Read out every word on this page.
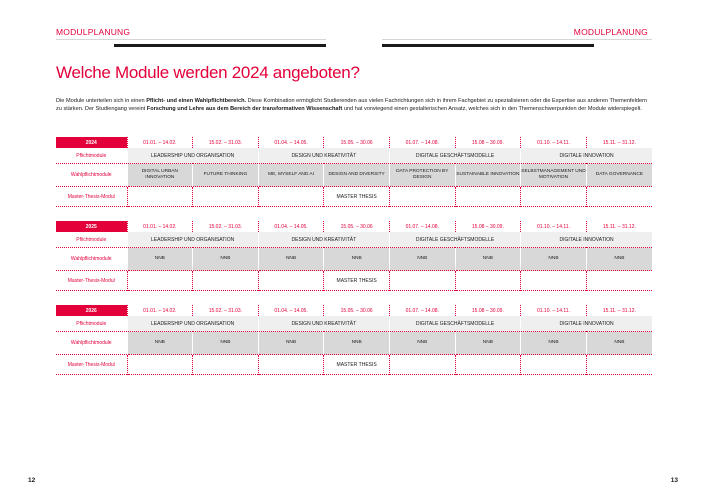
MODULPLANUNG	MODULPLANUNG
Welche Module werden 2024 angeboten?
Die Module unterteilen sich in einen Pflicht- und einen Wahlpflichtbereich. Diese Kombination ermöglicht Studierenden aus vielen Fachrichtungen sich in ihrem Fachgebiet zu spezialisieren oder die Expertise aus anderen Themenfeldern zu stärken. Der Studiengang vereint Forschung und Lehre aus dem Bereich der transformativen Wissenschaft und hat vorwiegend einen gestalterischen Ansatz, welches sich in den Themenschwerpunkten der Module widerspiegelt.
2024	01.01. – 14.02.	15.02. – 31.03.	01.04. – 14.05.	15.05. – 30.06	01.07. – 14.08.	15.08 – 30.09.	01.10. – 14.11.	15.11. – 31.12.
Pflichtmodule	LEADERSHIP UND ORGANISATION		DESIGN UND KREATIVITÄT		DIGITALE GESCHÄFTSMODELLE		DIGITALE INNOVATION	

Wahlpflichtmodule	DIGITAL URBAN INNOVATION	FUTURE THINKING	ME, MYSELF AND AI	DESIGN AND DIVERSITY	DATA PROTECTION BY DESIGN	SUSTAINABLE INNOVATION	SELBSTMANAGEMENT UND MOTIVATION	DATA GOVERNANCE

Master-Thesis-Modul				MASTER THESIS				

2025	01.01. – 14.02.	15.02. – 31.03.	01.04. – 14.05.	15.05. – 30.06	01.07. – 14.08.	15.08 – 30.09.	01.10. – 14.11.	15.11. – 31.12.
Pflichtmodule	LEADERSHIP UND ORGANISATION		DESIGN UND KREATIVITÄT		DIGITALE GESCHÄFTSMODELLE		DIGITALE INNOVATION	

Wahlpflichtmodule	NNB	NNB	NNB	NNB	NNB	NNB	NNB	NNB

Master-Thesis-Modul				MASTER THESIS				

2026	01.01. – 14.02.	15.02. – 31.03.	01.04. – 14.05.	15.05. – 30.06	01.07. – 14.08.	15.08 – 30.09.	01.10. – 14.11.	15.11. – 31.12.
Pflichtmodule	LEADERSHIP UND ORGANISATION		DESIGN UND KREATIVITÄT		DIGITALE GESCHÄFTSMODELLE		DIGITALE INNOVATION	

Wahlpflichtmodule	NNB	NNB	NNB	NNB	NNB	NNB	NNB	NNB

Master-Thesis-Modul				MASTER THESIS				

12	13
